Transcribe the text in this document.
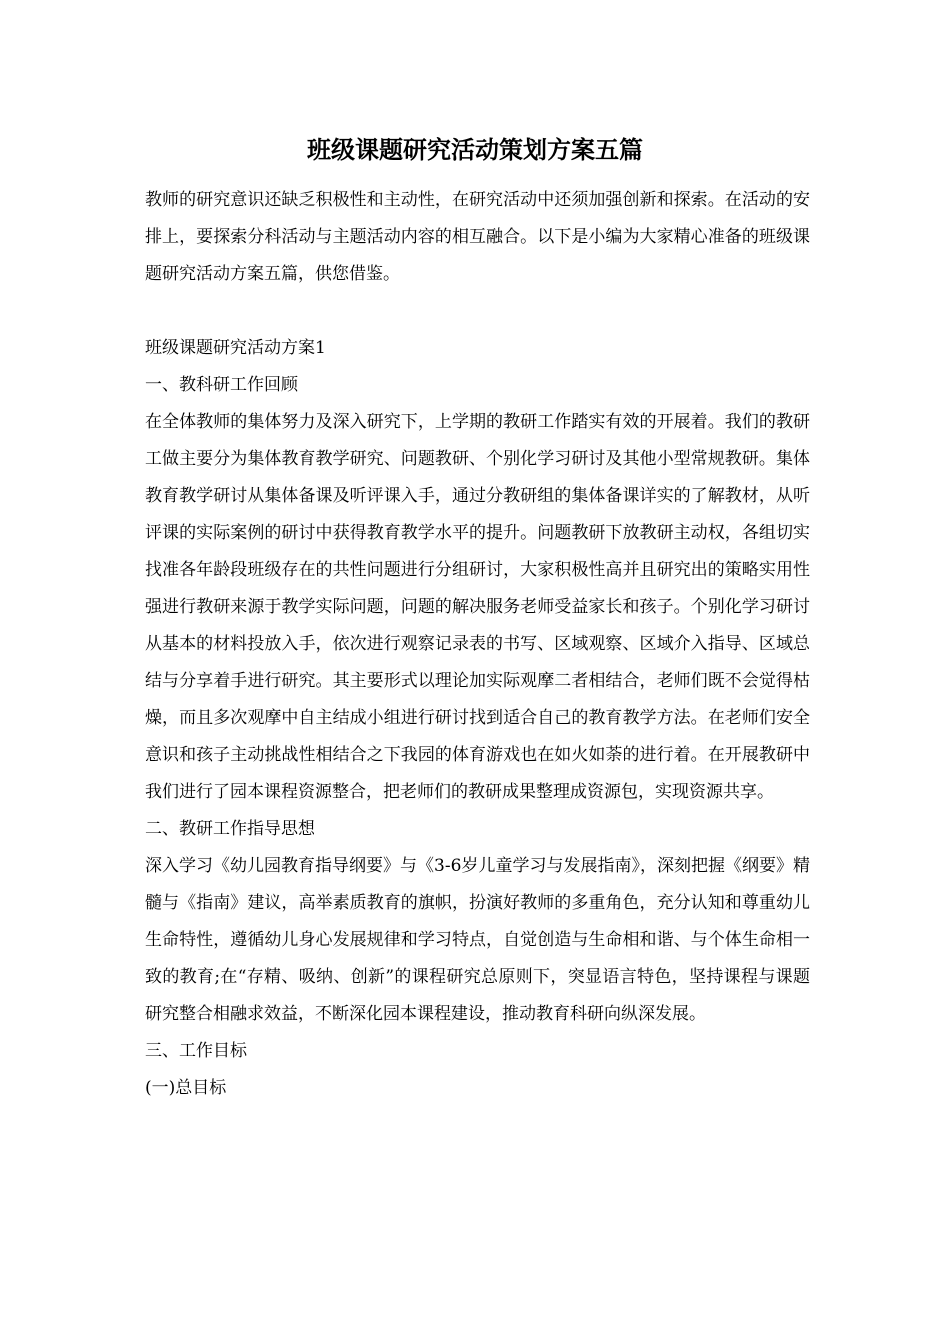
班级课题研究活动策划方案五篇

教师的研究意识还缺乏积极性和主动性，在研究活动中还须加强创新和探索。在活动的安排上，要探索分科活动与主题活动内容的相互融合。以下是小编为大家精心准备的班级课题研究活动方案五篇，供您借鉴。

班级课题研究活动方案1

一、教科研工作回顾

在全体教师的集体努力及深入研究下，上学期的教研工作踏实有效的开展着。我们的教研工做主要分为集体教育教学研究、问题教研、个别化学习研讨及其他小型常规教研。集体教育教学研讨从集体备课及听评课入手，通过分教研组的集体备课详实的了解教材，从听评课的实际案例的研讨中获得教育教学水平的提升。问题教研下放教研主动权，各组切实找准各年龄段班级存在的共性问题进行分组研讨，大家积极性高并且研究出的策略实用性强进行教研来源于教学实际问题，问题的解决服务老师受益家长和孩子。个别化学习研讨从基本的材料投放入手，依次进行观察记录表的书写、区域观察、区域介入指导、区域总结与分享着手进行研究。其主要形式以理论加实际观摩二者相结合，老师们既不会觉得枯燥，而且多次观摩中自主结成小组进行研讨找到适合自己的教育教学方法。在老师们安全意识和孩子主动挑战性相结合之下我园的体育游戏也在如火如荼的进行着。在开展教研中我们进行了园本课程资源整合，把老师们的教研成果整理成资源包，实现资源共享。

二、教研工作指导思想

深入学习《幼儿园教育指导纲要》与《3-6岁儿童学习与发展指南》，深刻把握《纲要》精髓与《指南》建议，高举素质教育的旗帜，扮演好教师的多重角色，充分认知和尊重幼儿生命特性，遵循幼儿身心发展规律和学习特点，自觉创造与生命相和谐、与个体生命相一致的教育;在“存精、吸纳、创新”的课程研究总原则下，突显语言特色，坚持课程与课题研究整合相融求效益，不断深化园本课程建设，推动教育科研向纵深发展。

三、工作目标

(一)总目标
